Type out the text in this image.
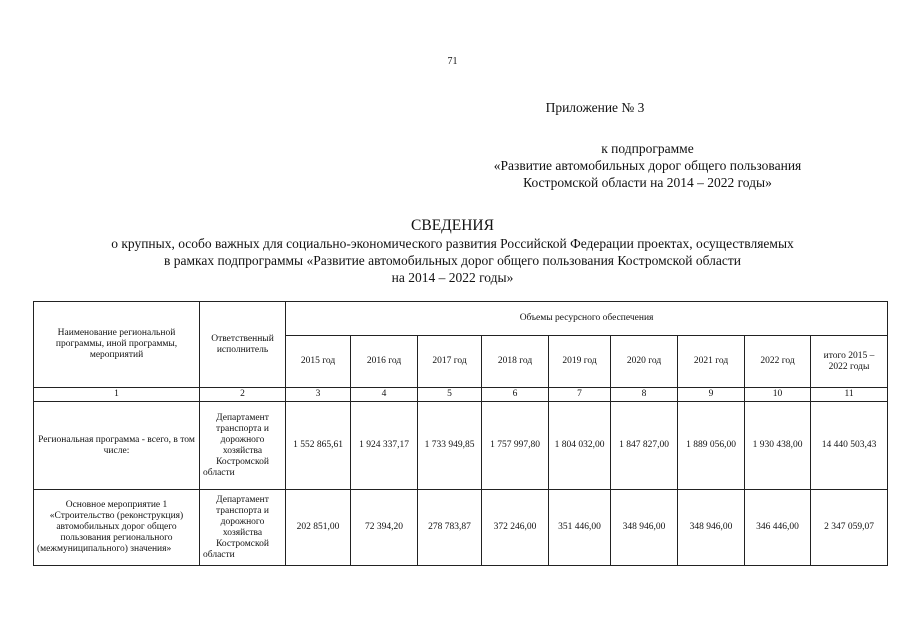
71
Приложение № 3
к подпрограмме
«Развитие автомобильных дорог общего пользования
Костромской области на 2014 – 2022 годы»
СВЕДЕНИЯ
о крупных, особо важных для социально-экономического развития Российской Федерации проектах, осуществляемых
в рамках подпрограммы «Развитие автомобильных дорог общего пользования Костромской области
на 2014 – 2022 годы»
Наименование региональной программы, иной программы, мероприятий	Ответственный исполнитель	Объемы ресурсного обеспечения								
		2015 год	2016 год	2017 год	2018 год	2019 год	2020 год	2021 год	2022 год	итого 2015 – 2022 годы
1	2	3	4	5	6	7	8	9	10	11
Региональная программа - всего, в том числе:	Департамент транспорта и дорожного хозяйства Костромской области	1 552 865,61	1 924 337,17	1 733 949,85	1 757 997,80	1 804 032,00	1 847 827,00	1 889 056,00	1 930 438,00	14 440 503,43
Основное мероприятие 1 «Строительство (реконструкция) автомобильных дорог общего пользования регионального (межмуниципального) значения»	Департамент транспорта и дорожного хозяйства Костромской области	202 851,00	72 394,20	278 783,87	372 246,00	351 446,00	348 946,00	348 946,00	346 446,00	2 347 059,07
